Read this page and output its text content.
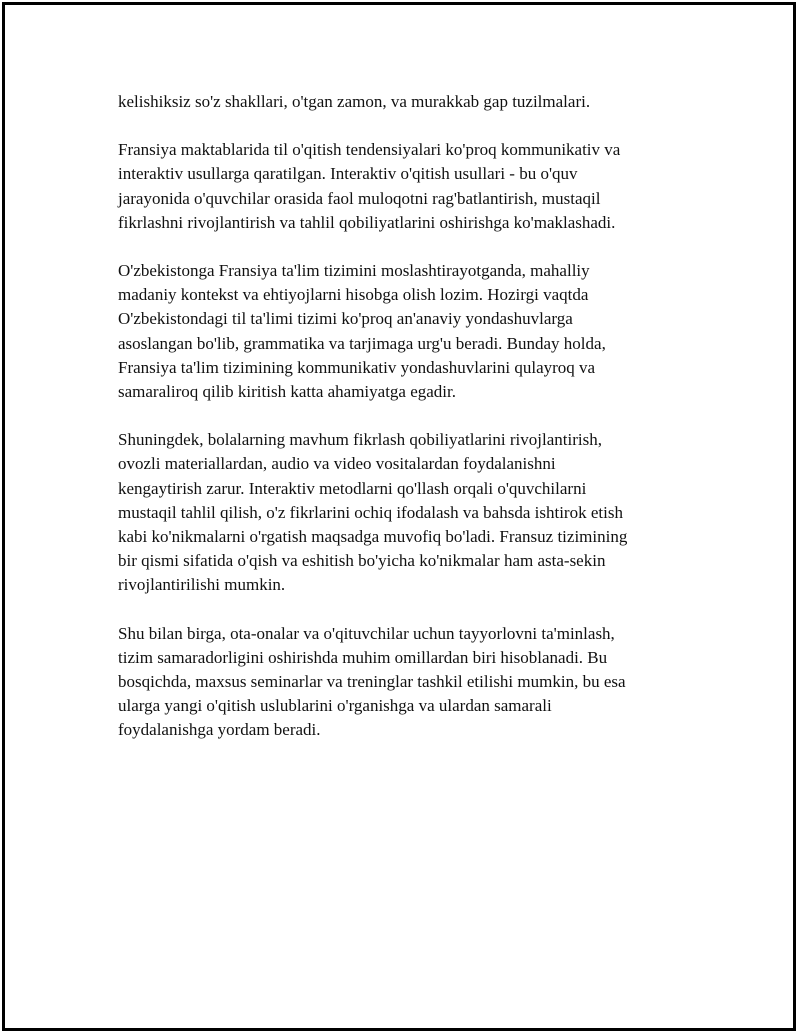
kelishiksiz so'z shakllari, o'tgan zamon, va murakkab gap tuzilmalari.

Fransiya maktablarida til o'qitish tendensiyalari ko'proq kommunikativ va
interaktiv usullarga qaratilgan. Interaktiv o'qitish usullari - bu o'quv
jarayonida o'quvchilar orasida faol muloqotni rag'batlantirish, mustaqil
fikrlashni rivojlantirish va tahlil qobiliyatlarini oshirishga ko'maklashadi.

O'zbekistonga Fransiya ta'lim tizimini moslashtirayotganda, mahalliy
madaniy kontekst va ehtiyojlarni hisobga olish lozim. Hozirgi vaqtda
O'zbekistondagi til ta'limi tizimi ko'proq an'anaviy yondashuvlarga
asoslangan bo'lib, grammatika va tarjimaga urg'u beradi. Bunday holda,
Fransiya ta'lim tizimining kommunikativ yondashuvlarini qulayroq va
samaraliroq qilib kiritish katta ahamiyatga egadir.

Shuningdek, bolalarning mavhum fikrlash qobiliyatlarini rivojlantirish,
ovozli materiallardan, audio va video vositalardan foydalanishni
kengaytirish zarur. Interaktiv metodlarni qo'llash orqali o'quvchilarni
mustaqil tahlil qilish, o'z fikrlarini ochiq ifodalash va bahsda ishtirok etish
kabi ko'nikmalarni o'rgatish maqsadga muvofiq bo'ladi. Fransuz tizimining
bir qismi sifatida o'qish va eshitish bo'yicha ko'nikmalar ham asta-sekin
rivojlantirilishi mumkin.

Shu bilan birga, ota-onalar va o'qituvchilar uchun tayyorlovni ta'minlash,
tizim samaradorligini oshirishda muhim omillardan biri hisoblanadi. Bu
bosqichda, maxsus seminarlar va treninglar tashkil etilishi mumkin, bu esa
ularga yangi o'qitish uslublarini o'rganishga va ulardan samarali
foydalanishga yordam beradi.
